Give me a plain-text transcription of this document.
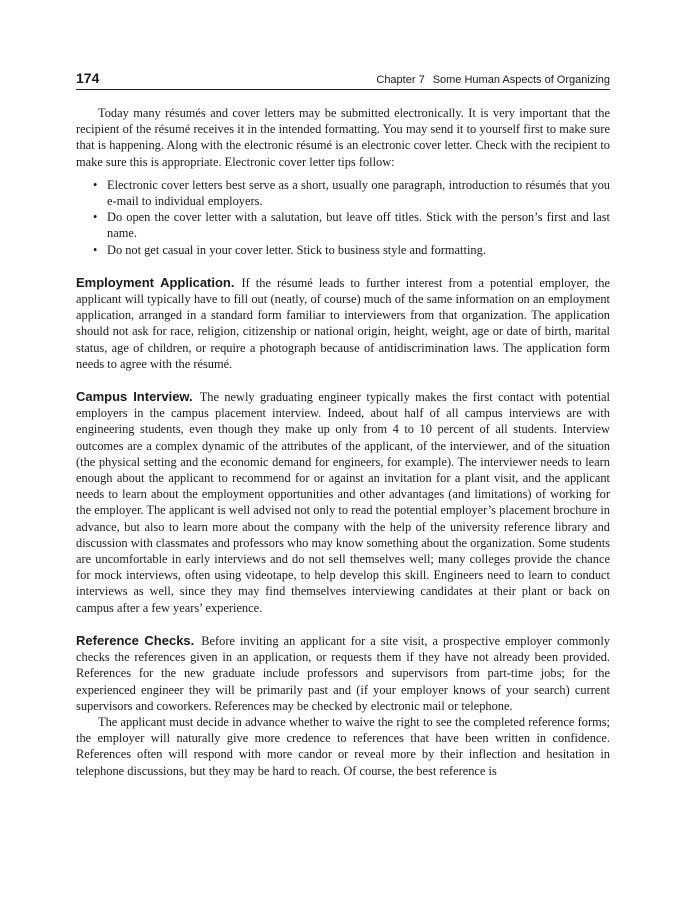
174	Chapter 7 Some Human Aspects of Organizing

Today many résumés and cover letters may be submitted electronically. It is very important that the recipient of the résumé receives it in the intended formatting. You may send it to yourself first to make sure that is happening. Along with the electronic résumé is an electronic cover letter. Check with the recipient to make sure this is appropriate. Electronic cover letter tips follow:

• Electronic cover letters best serve as a short, usually one paragraph, introduction to résumés that you e-mail to individual employers.
• Do open the cover letter with a salutation, but leave off titles. Stick with the person’s first and last name.
• Do not get casual in your cover letter. Stick to business style and formatting.

Employment Application. If the résumé leads to further interest from a potential employer, the applicant will typically have to fill out (neatly, of course) much of the same information on an employment application, arranged in a standard form familiar to interviewers from that organization. The application should not ask for race, religion, citizenship or national origin, height, weight, age or date of birth, marital status, age of children, or require a photograph because of antidiscrimination laws. The application form needs to agree with the résumé.

Campus Interview. The newly graduating engineer typically makes the first contact with potential employers in the campus placement interview. Indeed, about half of all campus interviews are with engineering students, even though they make up only from 4 to 10 percent of all students. Interview outcomes are a complex dynamic of the attributes of the applicant, of the interviewer, and of the situation (the physical setting and the economic demand for engineers, for example). The interviewer needs to learn enough about the applicant to recommend for or against an invitation for a plant visit, and the applicant needs to learn about the employment opportunities and other advantages (and limitations) of working for the employer. The applicant is well advised not only to read the potential employer’s placement brochure in advance, but also to learn more about the company with the help of the university reference library and discussion with classmates and professors who may know something about the organization. Some students are uncomfortable in early interviews and do not sell themselves well; many colleges provide the chance for mock interviews, often using videotape, to help develop this skill. Engineers need to learn to conduct interviews as well, since they may find themselves interviewing candidates at their plant or back on campus after a few years’ experience.

Reference Checks. Before inviting an applicant for a site visit, a prospective employer commonly checks the references given in an application, or requests them if they have not already been provided. References for the new graduate include professors and supervisors from part-time jobs; for the experienced engineer they will be primarily past and (if your employer knows of your search) current supervisors and coworkers. References may be checked by electronic mail or telephone.

The applicant must decide in advance whether to waive the right to see the completed reference forms; the employer will naturally give more credence to references that have been written in confidence. References often will respond with more candor or reveal more by their inflection and hesitation in telephone discussions, but they may be hard to reach. Of course, the best reference is
